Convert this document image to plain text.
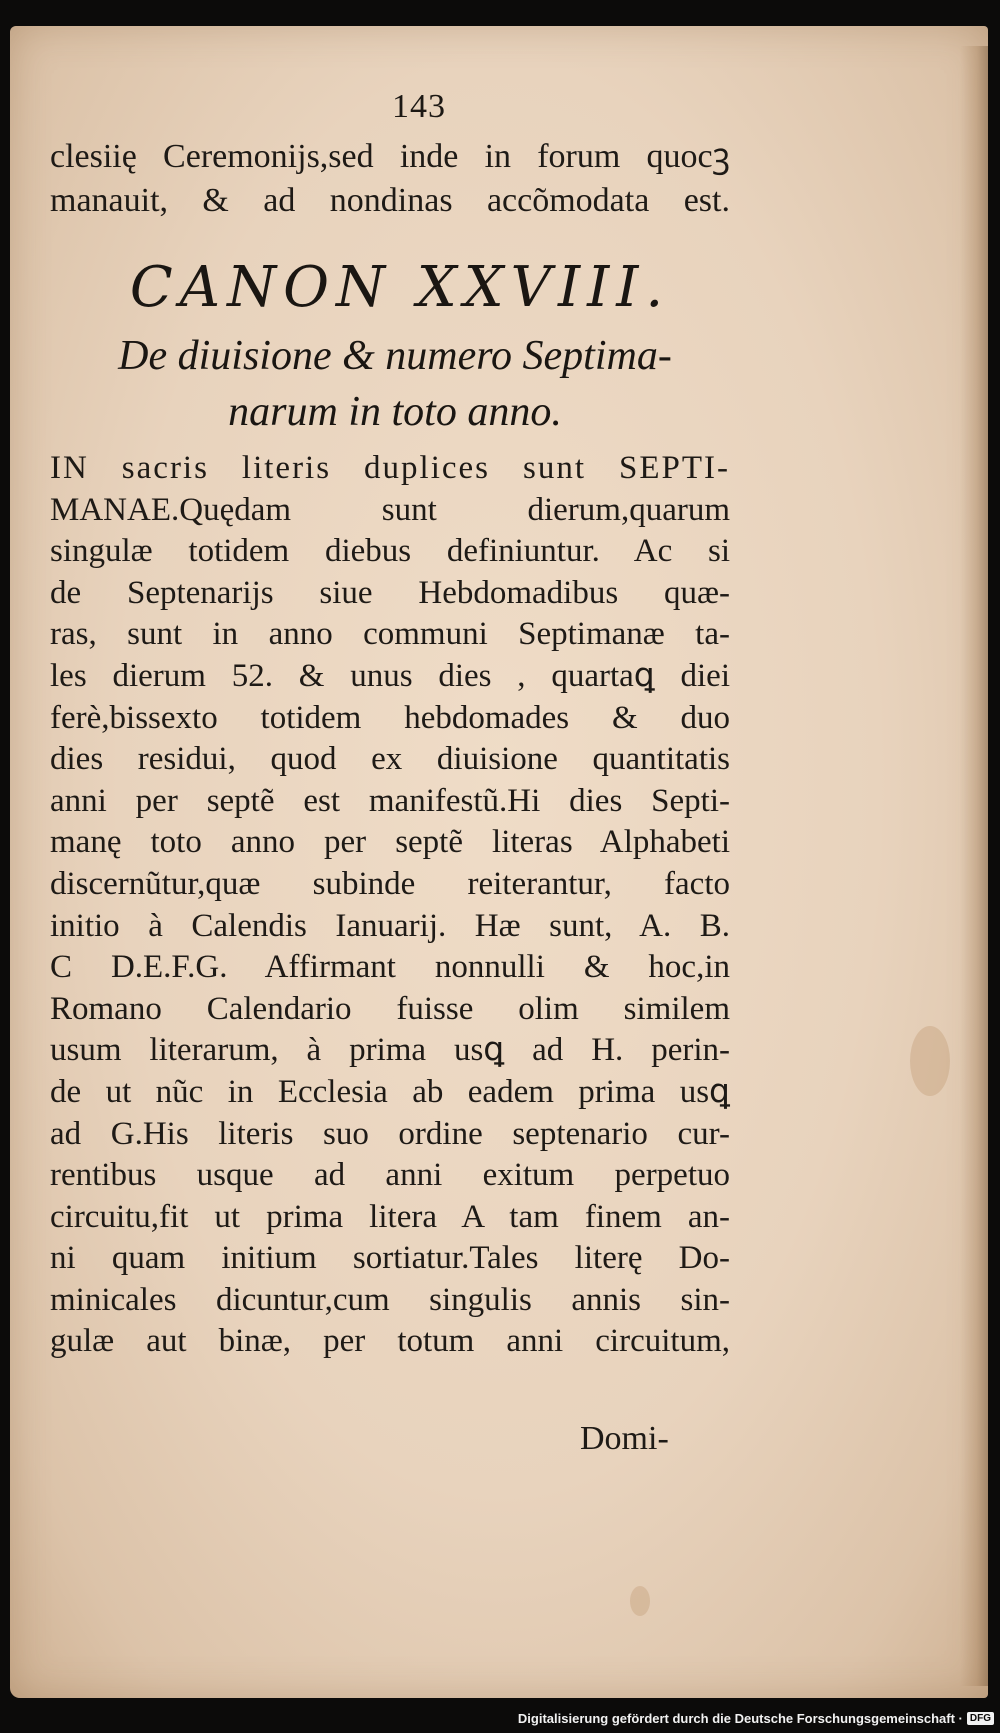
143
clesiię Ceremoniјs,sed inde in forum quocꝫ
manauit, & ad nondinas accõmodata est.
CANON XXVIII.
De diuisione & numero Septima-
narum in toto anno.
IN sacris literis duplices sunt SEPTI-
MANAE.Quędam sunt dierum,quarum
singulæ totidem diebus definiuntur. Ac si
de Septenariјs siue Hebdomadibus quæ-
ras, sunt in anno communi Septimanæ ta-
les dierum 52. & unus dies , quartaꝗ diei
ferè,bissexto totidem hebdomades & duo
dies residui, quod ex diuisione quantitatis
anni per septẽ est manifestũ.Hi dies Septi-
manę toto anno per septẽ literas Alphabeti
discernũtur,quæ subinde reiterantur, facto
initio à Calendis Ianuariј. Hæ sunt, A. B.
C D.E.F.G. Affirmant nonnulli & hoc,in
Romano Calendario fuisse olim similem
usum literarum, à prima usꝗ ad H. perin-
de ut nũc in Ecclesia ab eadem prima usꝗ
ad G.His literis suo ordine septenario cur-
rentibus usque ad anni exitum perpetuo
circuitu,fit ut prima litera A tam finem an-
ni quam initium sortiatur.Tales literę Do-
minicales dicuntur,cum singulis annis sin-
gulæ aut binæ, per totum anni circuitum,
Domi-
Digitalisierung gefördert durch die Deutsche Forschungsgemeinschaft · DFG
